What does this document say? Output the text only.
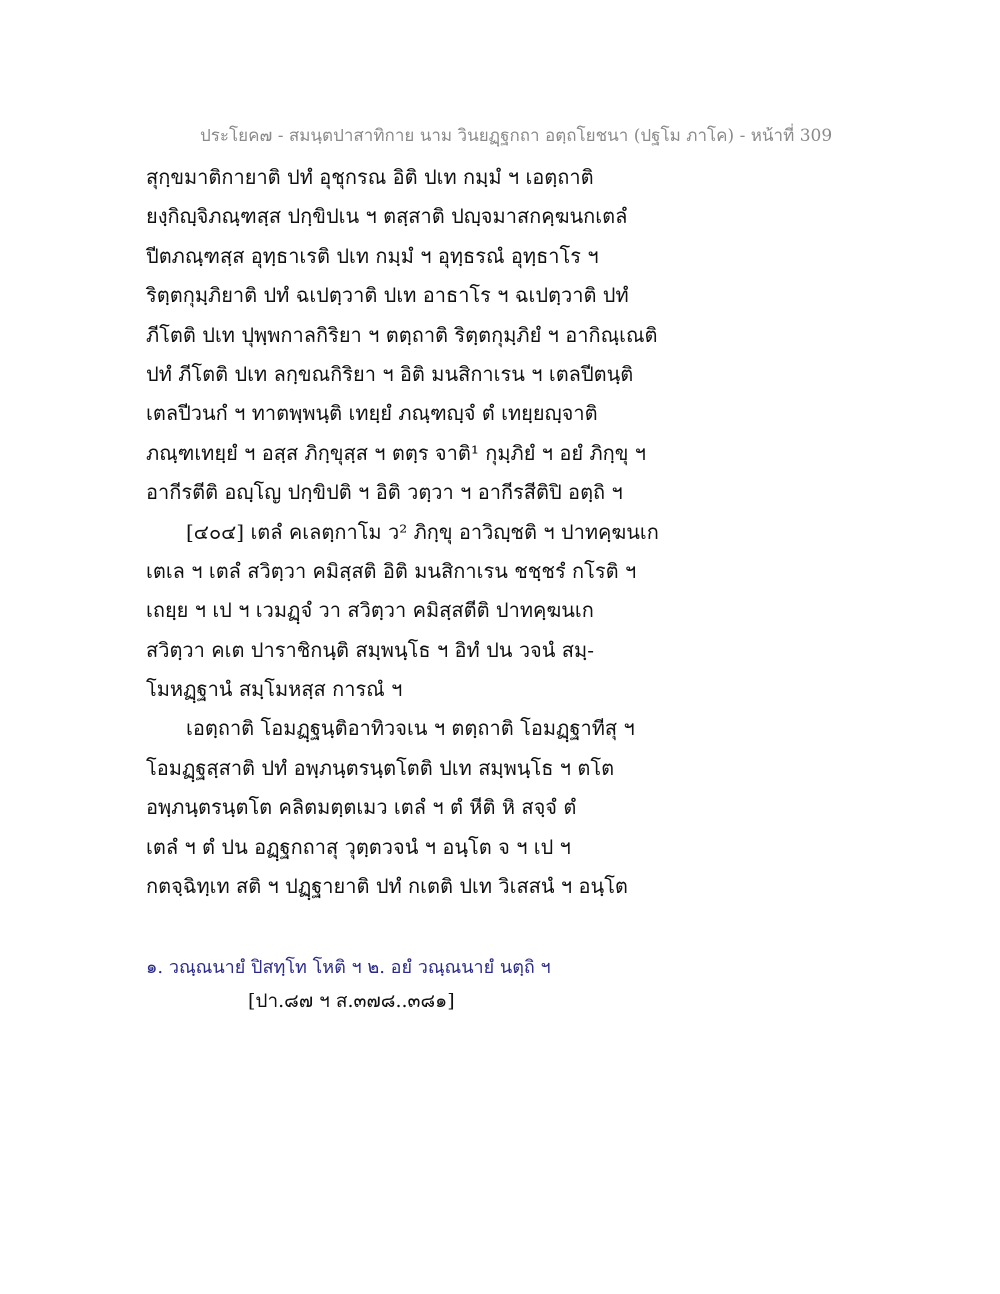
ประโยค๗ - สมนฺตปาสาทิกาย นาม วินยฏฺฐกถา อตฺถโยชนา (ปฐโม ภาโค) - หน้าที่ 309
สุกฺขมาติกายาติ ปทํ อุชุกรณ อิติ ปเท กมฺมํ ฯ เอตฺถาติ
ยงฺกิญฺจิภณฺฑสฺส ปกฺขิปเน ฯ ตสฺสาติ ปญฺจมาสกคฺฆนกเตลํ
ปีตภณฺฑสฺส อุทฺธาเรติ ปเท กมฺมํ ฯ อุทฺธรณํ อุทฺธาโร ฯ
ริตฺตกุมฺภิยาติ ปทํ ฉเปตฺวาติ ปเท อาธาโร ฯ ฉเปตฺวาติ ปทํ
ภีโตติ ปเท ปุพฺพกาลกิริยา ฯ ตตฺถาติ ริตฺตกุมฺภิยํ ฯ อากิณฺเณติ
ปทํ ภีโตติ ปเท ลกฺขณกิริยา ฯ อิติ มนสิกาเรน ฯ เตลปีตนฺติ
เตลปีวนกํ ฯ ทาตพฺพนฺติ เทยฺยํ ภณฺฑญฺจํ ตํ เทยฺยญฺจาติ
ภณฺฑเทยฺยํ ฯ อสฺส ภิกฺขุสฺส ฯ ตตฺร จาติ¹ กุมฺภิยํ ฯ อยํ ภิกฺขุ ฯ
อากีรตีติ อญฺโญ ปกฺขิปติ ฯ อิติ วตฺวา ฯ อากีรสีติปิ อตฺถิ ฯ
[๔๐๔] เตลํ คเลตฺกาโม ว² ภิกฺขุ อาวิญฺชติ ฯ ปาทคฺฆนเก
เตเล ฯ เตลํ สวิตฺวา คมิสฺสติ อิติ มนสิกาเรน ชชฺชรํ กโรติ ฯ
เถยฺย ฯ เป ฯ เวมฏฺจํ วา สวิตฺวา คมิสฺสตีติ ปาทคฺฆนเก
สวิตฺวา คเต ปาราชิกนฺติ สมฺพนฺโธ ฯ อิทํ ปน วจนํ สมฺ-
โมหฏฺฐานํ สมฺโมหสฺส การณํ ฯ
เอตฺถาติ โอมฏฺฐนฺติอาทิวจเน ฯ ตตฺถาติ โอมฏฺฐาทีสุ ฯ
โอมฏฺฐสฺสาติ ปทํ อพฺภนฺตรนฺตโตติ ปเท สมฺพนฺโธ ฯ ตโต
อพฺภนฺตรนฺตโต คลิตมตฺตเมว เตลํ ฯ ตํ หีติ หิ สจฺจํ ตํ
เตลํ ฯ ตํ ปน อฏฺฐกถาสุ วุตฺตวจนํ ฯ อนฺโต จ ฯ เป ฯ
กตจฺฉิทฺเท สติ ฯ ปฏฺฐายาติ ปทํ กเตติ ปเท วิเสสนํ ฯ อนฺโต
๑. วณฺณนายํ ปิสทฺโท โหติ ฯ ๒. อยํ วณฺณนายํ นตฺถิ ฯ
[ปา.๘๗ ฯ ส.๓๗๘..๓๘๑]
